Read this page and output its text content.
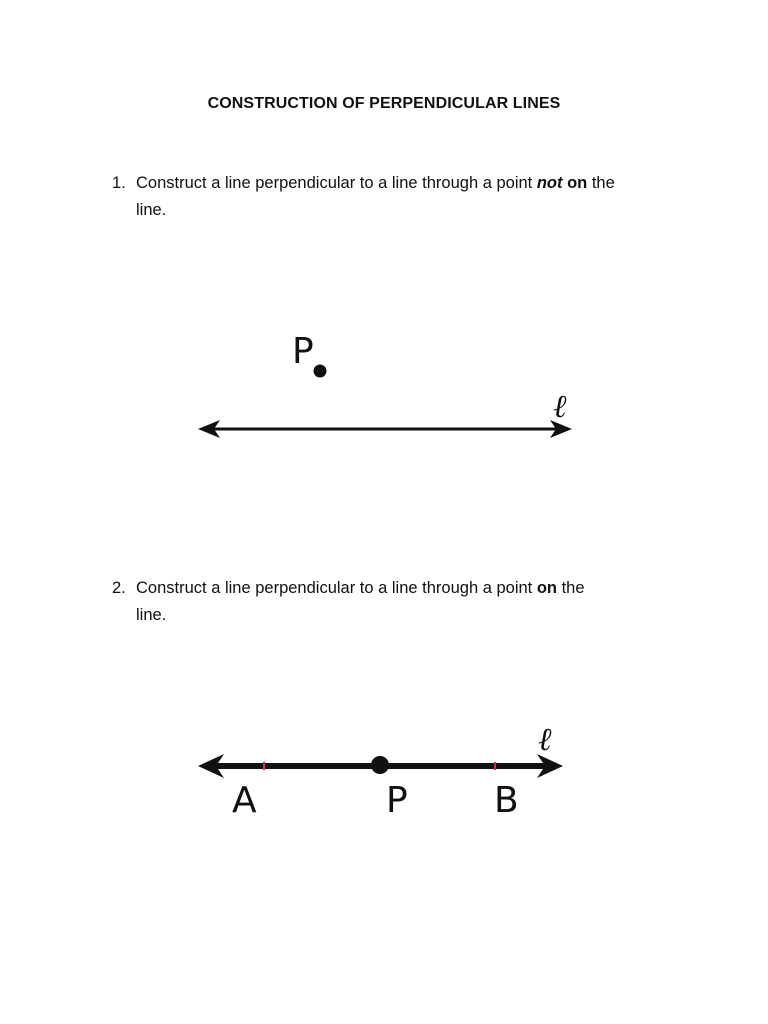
CONSTRUCTION OF PERPENDICULAR LINES
1. Construct a line perpendicular to a line through a point not on the
line.
2. Construct a line perpendicular to a line through a point on the
line.
P
ℓ
A	P B
ℓ
